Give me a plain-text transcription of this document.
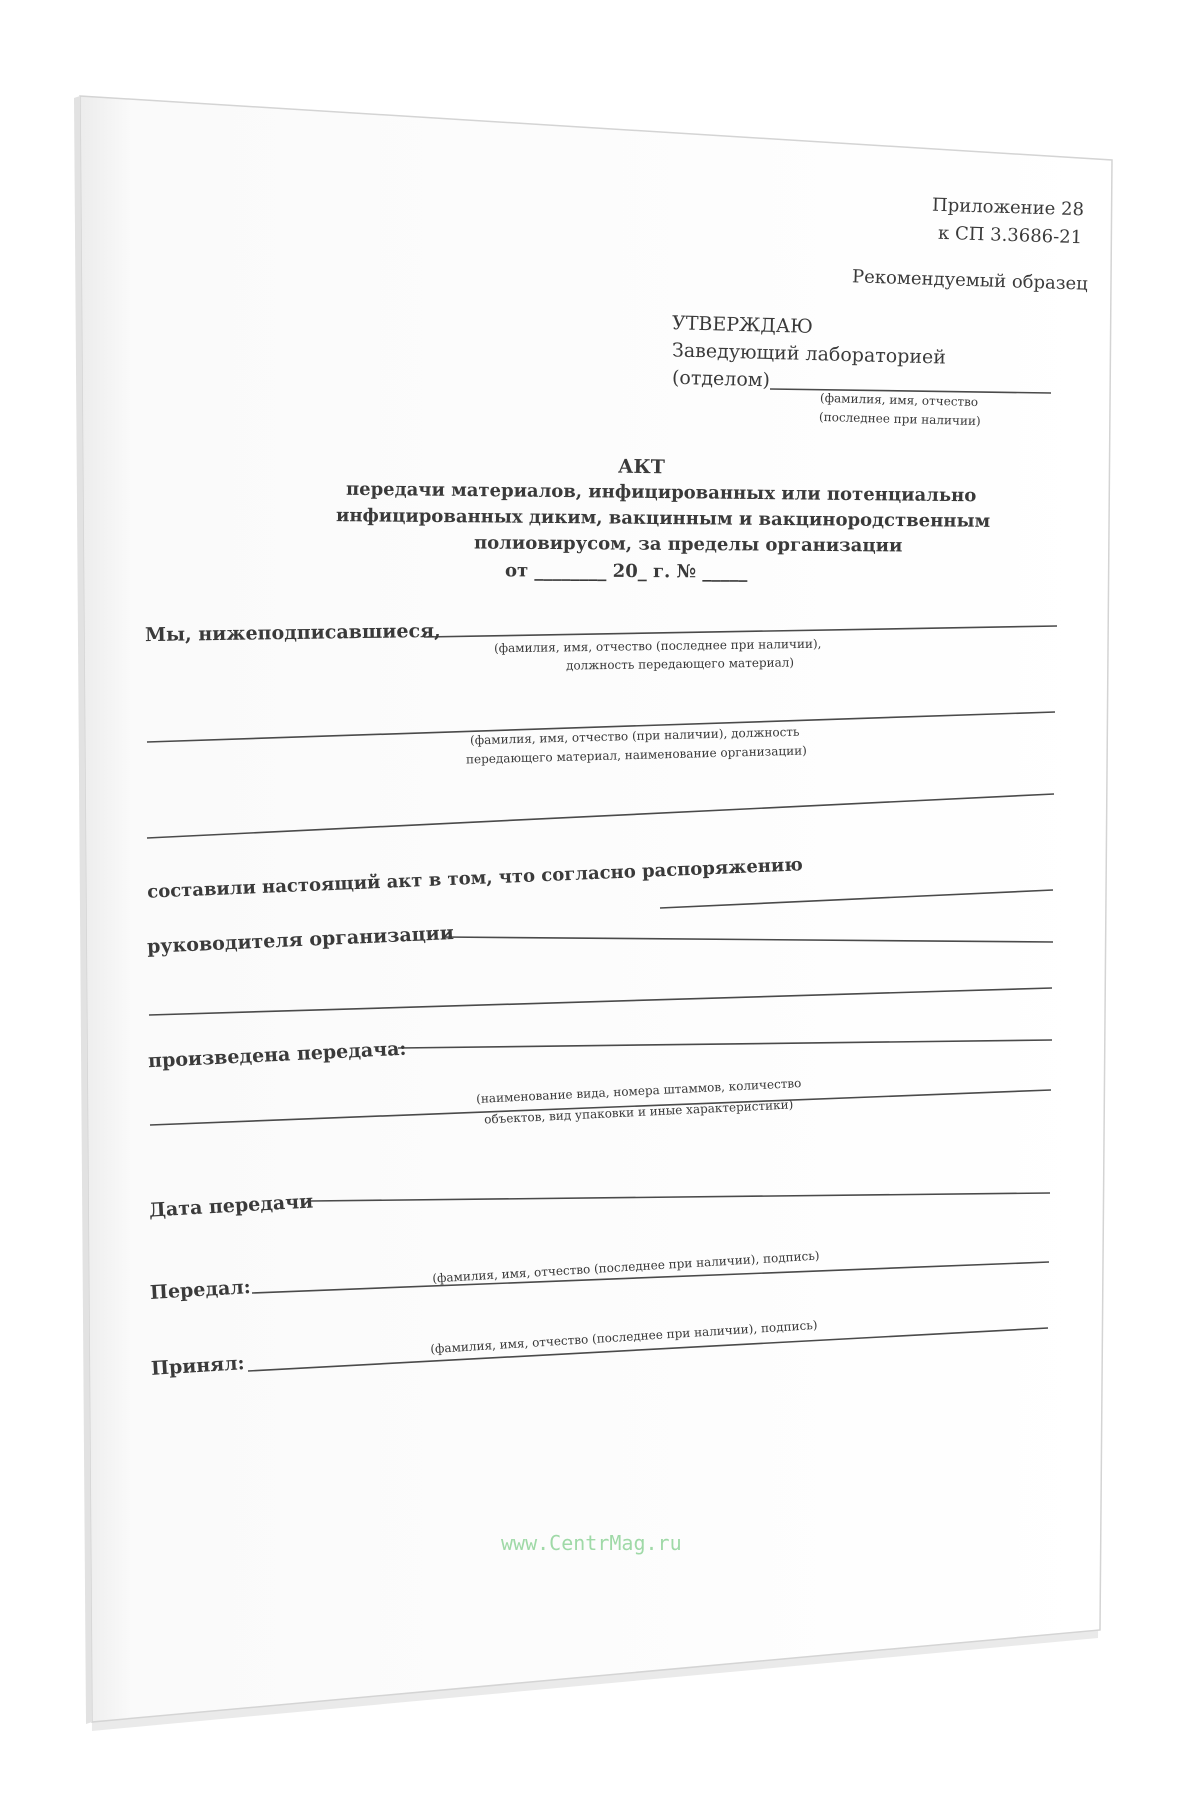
Приложение 28
к СП 3.3686-21
Рекомендуемый образец
УТВЕРЖДАЮ
Заведующий лабораторией
(отделом)
(фамилия, имя, отчество
(последнее при наличии)
АКТ
передачи материалов, инфицированных или потенциально
инфицированных диким, вакцинным и вакцинородственным
полиовирусом, за пределы организации
от ________ 20_ г. № _____
Мы, нижеподписавшиеся,	(фамилия, имя, отчество (последнее при наличии),
должность передающего материал)
(фамилия, имя, отчество (при наличии), должность
передающего материал, наименование организации)
составили настоящий акт в том, что согласно распоряжению
руководителя организации
произведена передача:
(наименование вида, номера штаммов, количество
объектов, вид упаковки и иные характеристики)
Дата передачи
Передал:
(фамилия, имя, отчество (последнее при наличии), подпись)
Принял:
(фамилия, имя, отчество (последнее при наличии), подпись)
www.CentrMag.ru
